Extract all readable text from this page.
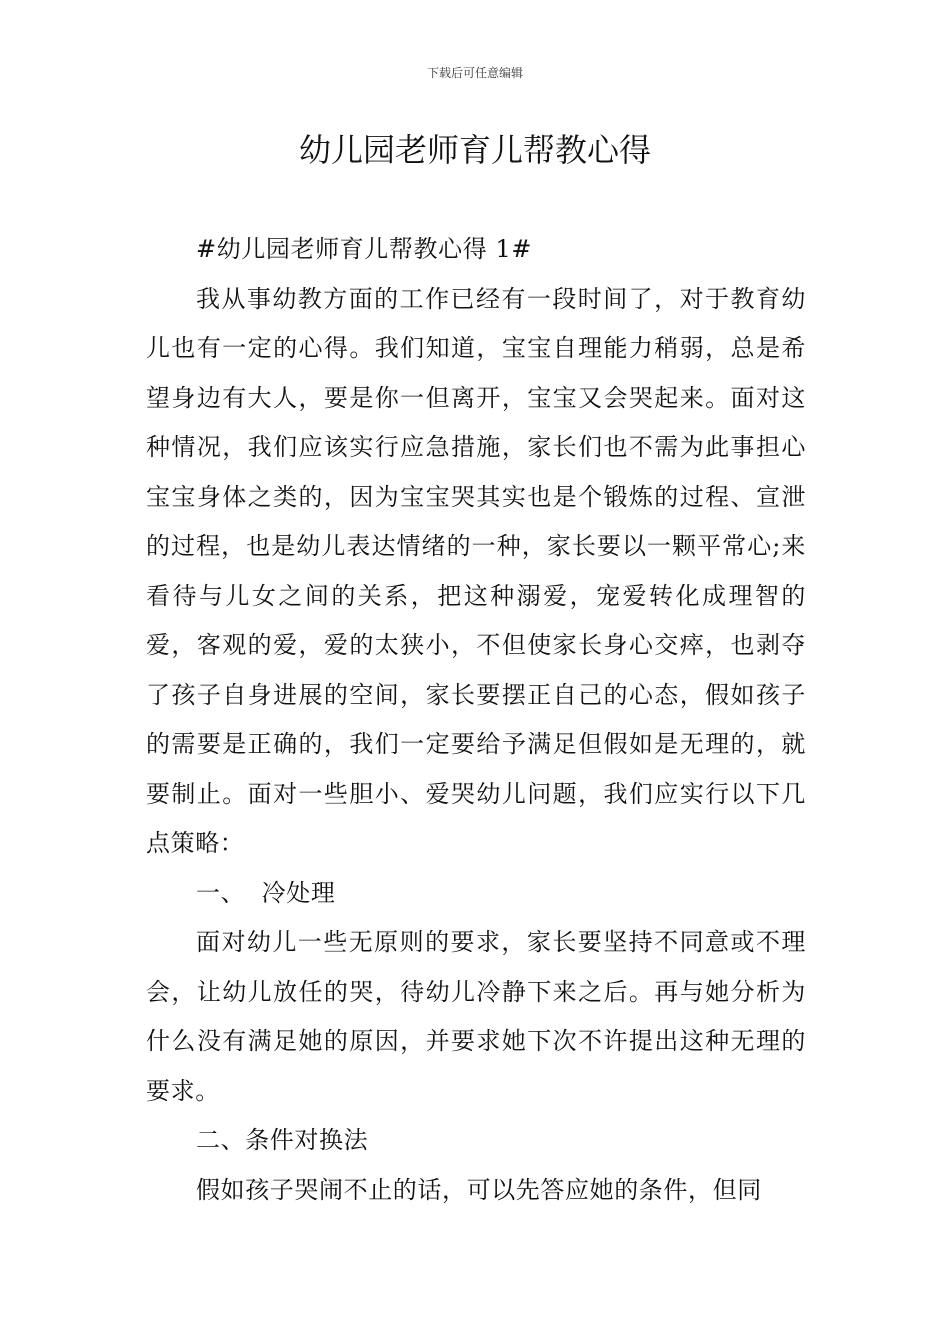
下载后可任意编辑
幼儿园老师育儿帮教心得

#幼儿园老师育儿帮教心得 1#

我从事幼教方面的工作已经有一段时间了，对于教育幼儿也有一定的心得。我们知道，宝宝自理能力稍弱，总是希望身边有大人，要是你一但离开，宝宝又会哭起来。面对这种情况，我们应该实行应急措施，家长们也不需为此事担心宝宝身体之类的，因为宝宝哭其实也是个锻炼的过程、宣泄的过程，也是幼儿表达情绪的一种，家长要以一颗平常心;来看待与儿女之间的关系，把这种溺爱，宠爱转化成理智的爱，客观的爱，爱的太狭小，不但使家长身心交瘁，也剥夺了孩子自身进展的空间，家长要摆正自己的心态，假如孩子的需要是正确的，我们一定要给予满足但假如是无理的，就要制止。面对一些胆小、爱哭幼儿问题，我们应实行以下几点策略：

一、  冷处理

面对幼儿一些无原则的要求，家长要坚持不同意或不理会，让幼儿放任的哭，待幼儿冷静下来之后。再与她分析为什么没有满足她的原因，并要求她下次不许提出这种无理的要求。

二、条件对换法

假如孩子哭闹不止的话，可以先答应她的条件，但同
